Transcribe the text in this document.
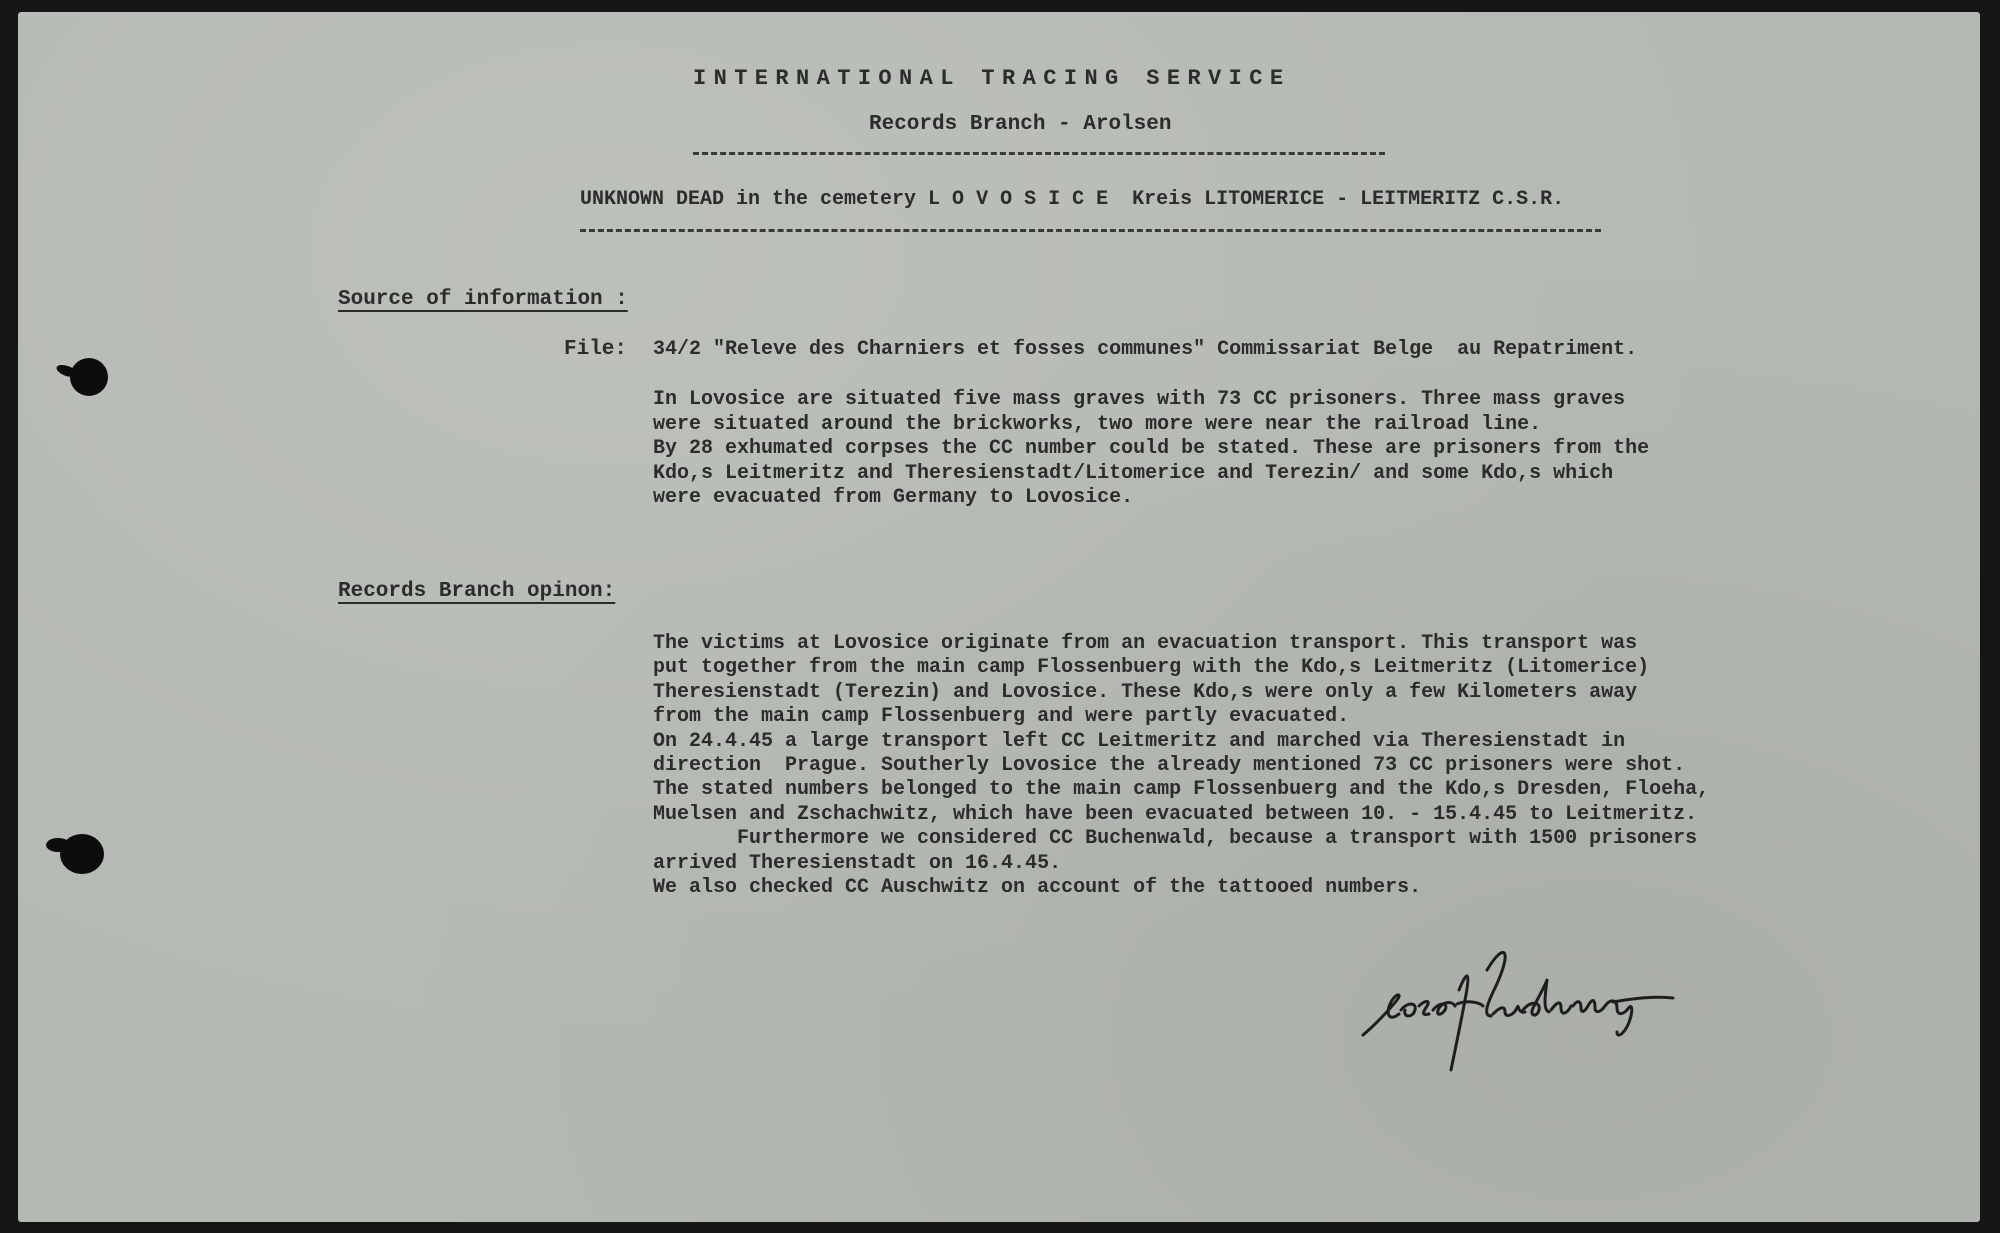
INTERNATIONAL TRACING SERVICE

Records Branch - Arolsen

UNKNOWN DEAD in the cemetery L O V O S I C E  Kreis LITOMERICE - LEITMERITZ C.S.R.

Source of information :

File: 34/2 "Releve des Charniers et fosses communes" Commissariat Belge  au Repatriment.

In Lovosice are situated five mass graves with 73 CC prisoners. Three mass graves
were situated around the brickworks, two more were near the railroad line.
By 28 exhumated corpses the CC number could be stated. These are prisoners from the
Kdo,s Leitmeritz and Theresienstadt/Litomerice and Terezin/ and some Kdo,s which
were evacuated from Germany to Lovosice.

Records Branch opinon:

The victims at Lovosice originate from an evacuation transport. This transport was
put together from the main camp Flossenbuerg with the Kdo,s Leitmeritz (Litomerice)
Theresienstadt (Terezin) and Lovosice. These Kdo,s were only a few Kilometers away
from the main camp Flossenbuerg and were partly evacuated.
On 24.4.45 a large transport left CC Leitmeritz and marched via Theresienstadt in
direction  Prague. Southerly Lovosice the already mentioned 73 CC prisoners were shot.
The stated numbers belonged to the main camp Flossenbuerg and the Kdo,s Dresden, Floeha,
Muelsen and Zschachwitz, which have been evacuated between 10. - 15.4.45 to Leitmeritz.
Furthermore we considered CC Buchenwald, because a transport with 1500 prisoners
arrived Theresienstadt on 16.4.45.
We also checked CC Auschwitz on account of the tattooed numbers.
